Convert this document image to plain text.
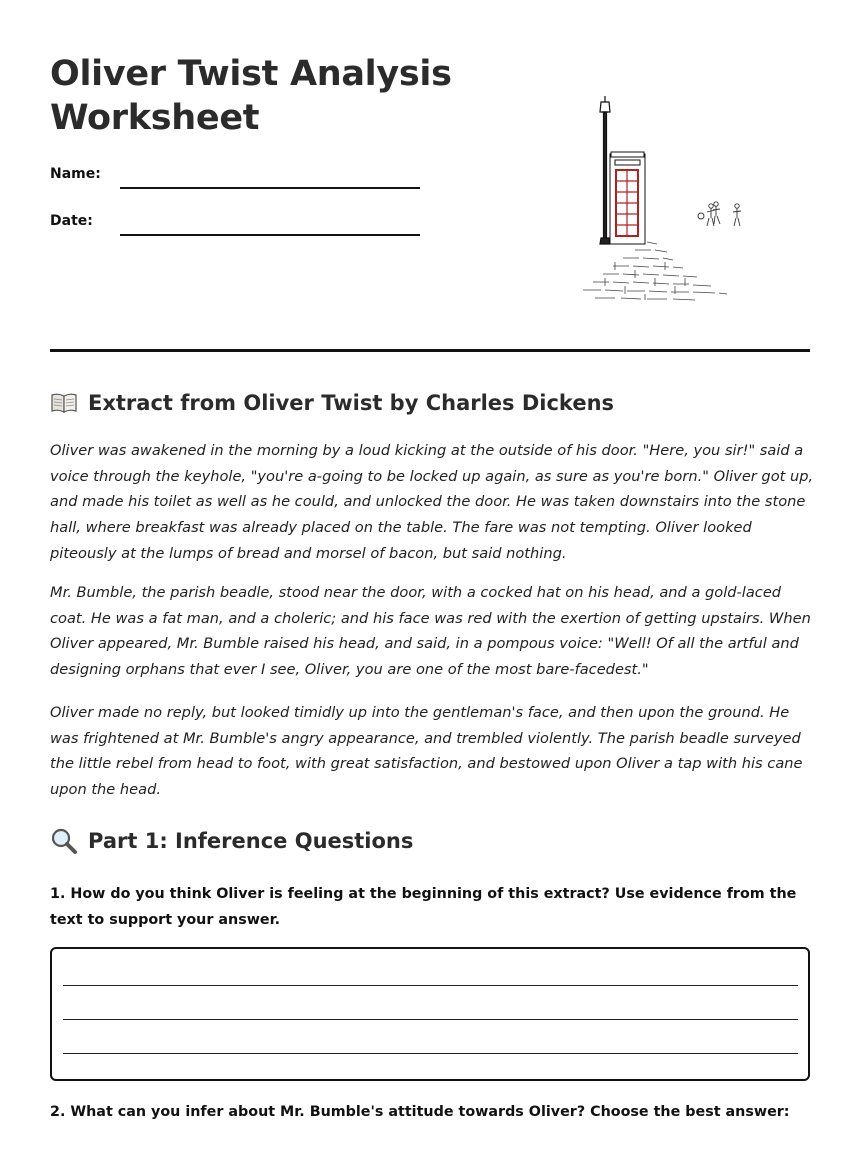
Oliver Twist Analysis
Worksheet
Name:
Date:
Extract from Oliver Twist by Charles Dickens

Oliver was awakened in the morning by a loud kicking at the outside of his door. "Here, you sir!" said a voice through the keyhole, "you're a-going to be locked up again, as sure as you're born." Oliver got up, and made his toilet as well as he could, and unlocked the door. He was taken downstairs into the stone hall, where breakfast was already placed on the table. The fare was not tempting. Oliver looked piteously at the lumps of bread and morsel of bacon, but said nothing.

Mr. Bumble, the parish beadle, stood near the door, with a cocked hat on his head, and a gold-laced coat. He was a fat man, and a choleric; and his face was red with the exertion of getting upstairs. When Oliver appeared, Mr. Bumble raised his head, and said, in a pompous voice: "Well! Of all the artful and designing orphans that ever I see, Oliver, you are one of the most bare-facedest."

Oliver made no reply, but looked timidly up into the gentleman's face, and then upon the ground. He was frightened at Mr. Bumble's angry appearance, and trembled violently. The parish beadle surveyed the little rebel from head to foot, with great satisfaction, and bestowed upon Oliver a tap with his cane upon the head.

Part 1: Inference Questions

1. How do you think Oliver is feeling at the beginning of this extract? Use evidence from the text to support your answer.

2. What can you infer about Mr. Bumble's attitude towards Oliver? Choose the best answer:
